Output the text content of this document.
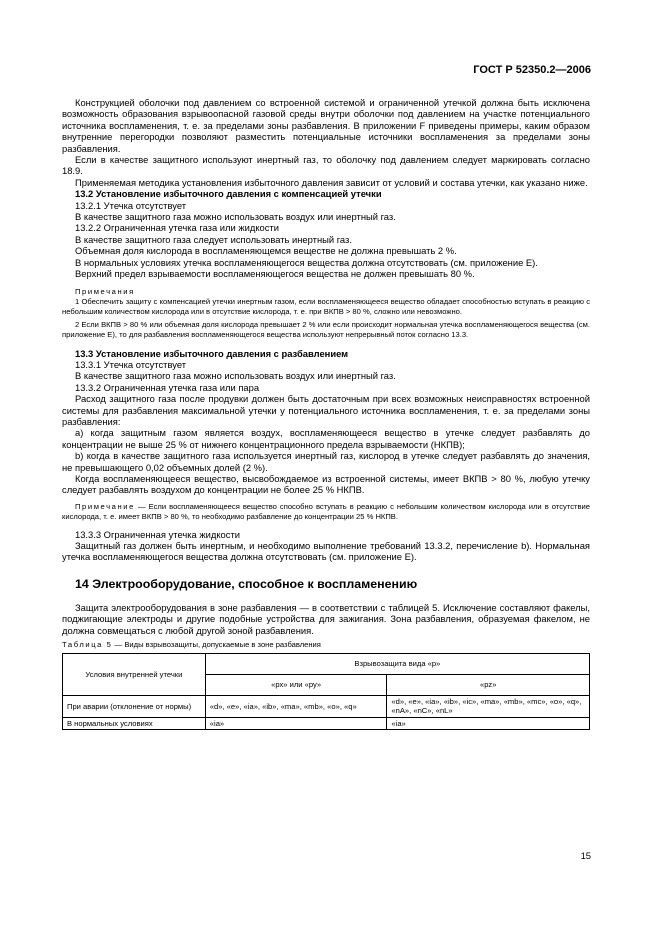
ГОСТ Р 52350.2—2006

Конструкцией оболочки под давлением со встроенной системой и ограниченной утечкой должна быть исключена возможность образования взрывоопасной газовой среды внутри оболочки под давлением на участке потенциального источника воспламенения, т. е. за пределами зоны разбавления. В приложении F приведены примеры, каким образом внутренние перегородки позволяют разместить потенциальные источники воспламенения за пределами зоны разбавления.

Если в качестве защитного используют инертный газ, то оболочку под давлением следует маркировать согласно 18.9.

Применяемая методика установления избыточного давления зависит от условий и состава утечки, как указано ниже.

13.2 Установление избыточного давления с компенсацией утечки

13.2.1 Утечка отсутствует

В качестве защитного газа можно использовать воздух или инертный газ.

13.2.2 Ограниченная утечка газа или жидкости

В качестве защитного газа следует использовать инертный газ.

Объемная доля кислорода в воспламеняющемся веществе не должна превышать 2 %.

В нормальных условиях утечка воспламеняющегося вещества должна отсутствовать (см. приложение Е).

Верхний предел взрываемости воспламеняющегося вещества не должен превышать 80 %.

Примечания

1 Обеспечить защиту с компенсацией утечки инертным газом, если воспламеняющееся вещество обладает способностью вступать в реакцию с небольшим количеством кислорода или в отсутствие кислорода, т. е. при ВКПВ > 80 %, сложно или невозможно.

2 Если ВКПВ > 80 % или объемная доля кислорода превышает 2 % или если происходит нормальная утечка воспламеняющегося вещества (см. приложение Е), то для разбавления воспламеняющегося вещества используют непрерывный поток согласно 13.3.

13.3 Установление избыточного давления с разбавлением

13.3.1 Утечка отсутствует

В качестве защитного газа можно использовать воздух или инертный газ.

13.3.2 Ограниченная утечка газа или пара

Расход защитного газа после продувки должен быть достаточным при всех возможных неисправностях встроенной системы для разбавления максимальной утечки у потенциального источника воспламенения, т. е. за пределами зоны разбавления:

а) когда защитным газом является воздух, воспламеняющееся вещество в утечке следует разбавлять до концентрации не выше 25 % от нижнего концентрационного предела взрываемости (НКПВ);

b) когда в качестве защитного газа используется инертный газ, кислород в утечке следует разбавлять до значения, не превышающего 0,02 объемных долей (2 %).

Когда воспламеняющееся вещество, высвобождаемое из встроенной системы, имеет ВКПВ > 80 %, любую утечку следует разбавлять воздухом до концентрации не более 25 % НКПВ.

Примечание — Если воспламеняющееся вещество способно вступать в реакцию с небольшим количеством кислорода или в отсутствие кислорода, т. е. имеет ВКПВ > 80 %, то необходимо разбавление до концентрации 25 % НКПВ.

13.3.3 Ограниченная утечка жидкости

Защитный газ должен быть инертным, и необходимо выполнение требований 13.3.2, перечисление b). Нормальная утечка воспламеняющегося вещества должна отсутствовать (см. приложение Е).

14 Электрооборудование, способное к воспламенению

Защита электрооборудования в зоне разбавления — в соответствии с таблицей 5. Исключение составляют факелы, поджигающие электроды и другие подобные устройства для зажигания. Зона разбавления, образуемая факелом, не должна совмещаться с любой другой зоной разбавления.

Таблица 5 — Виды взрывозащиты, допускаемые в зоне разбавления

Условия внутренней утечки	Взрывозащита вида «р»	
	«рх» или «ру»	«pz»
При аварии (отклонение от нормы)	«d», «е», «ia», «ib», «ma», «mb», «о», «q»	«d», «е», «ia», «ib», «ic», «ma», «mb», «mc», «о», «q», «nA», «nC», «nL»
В нормальных условиях	«ia»	«ia»
15
